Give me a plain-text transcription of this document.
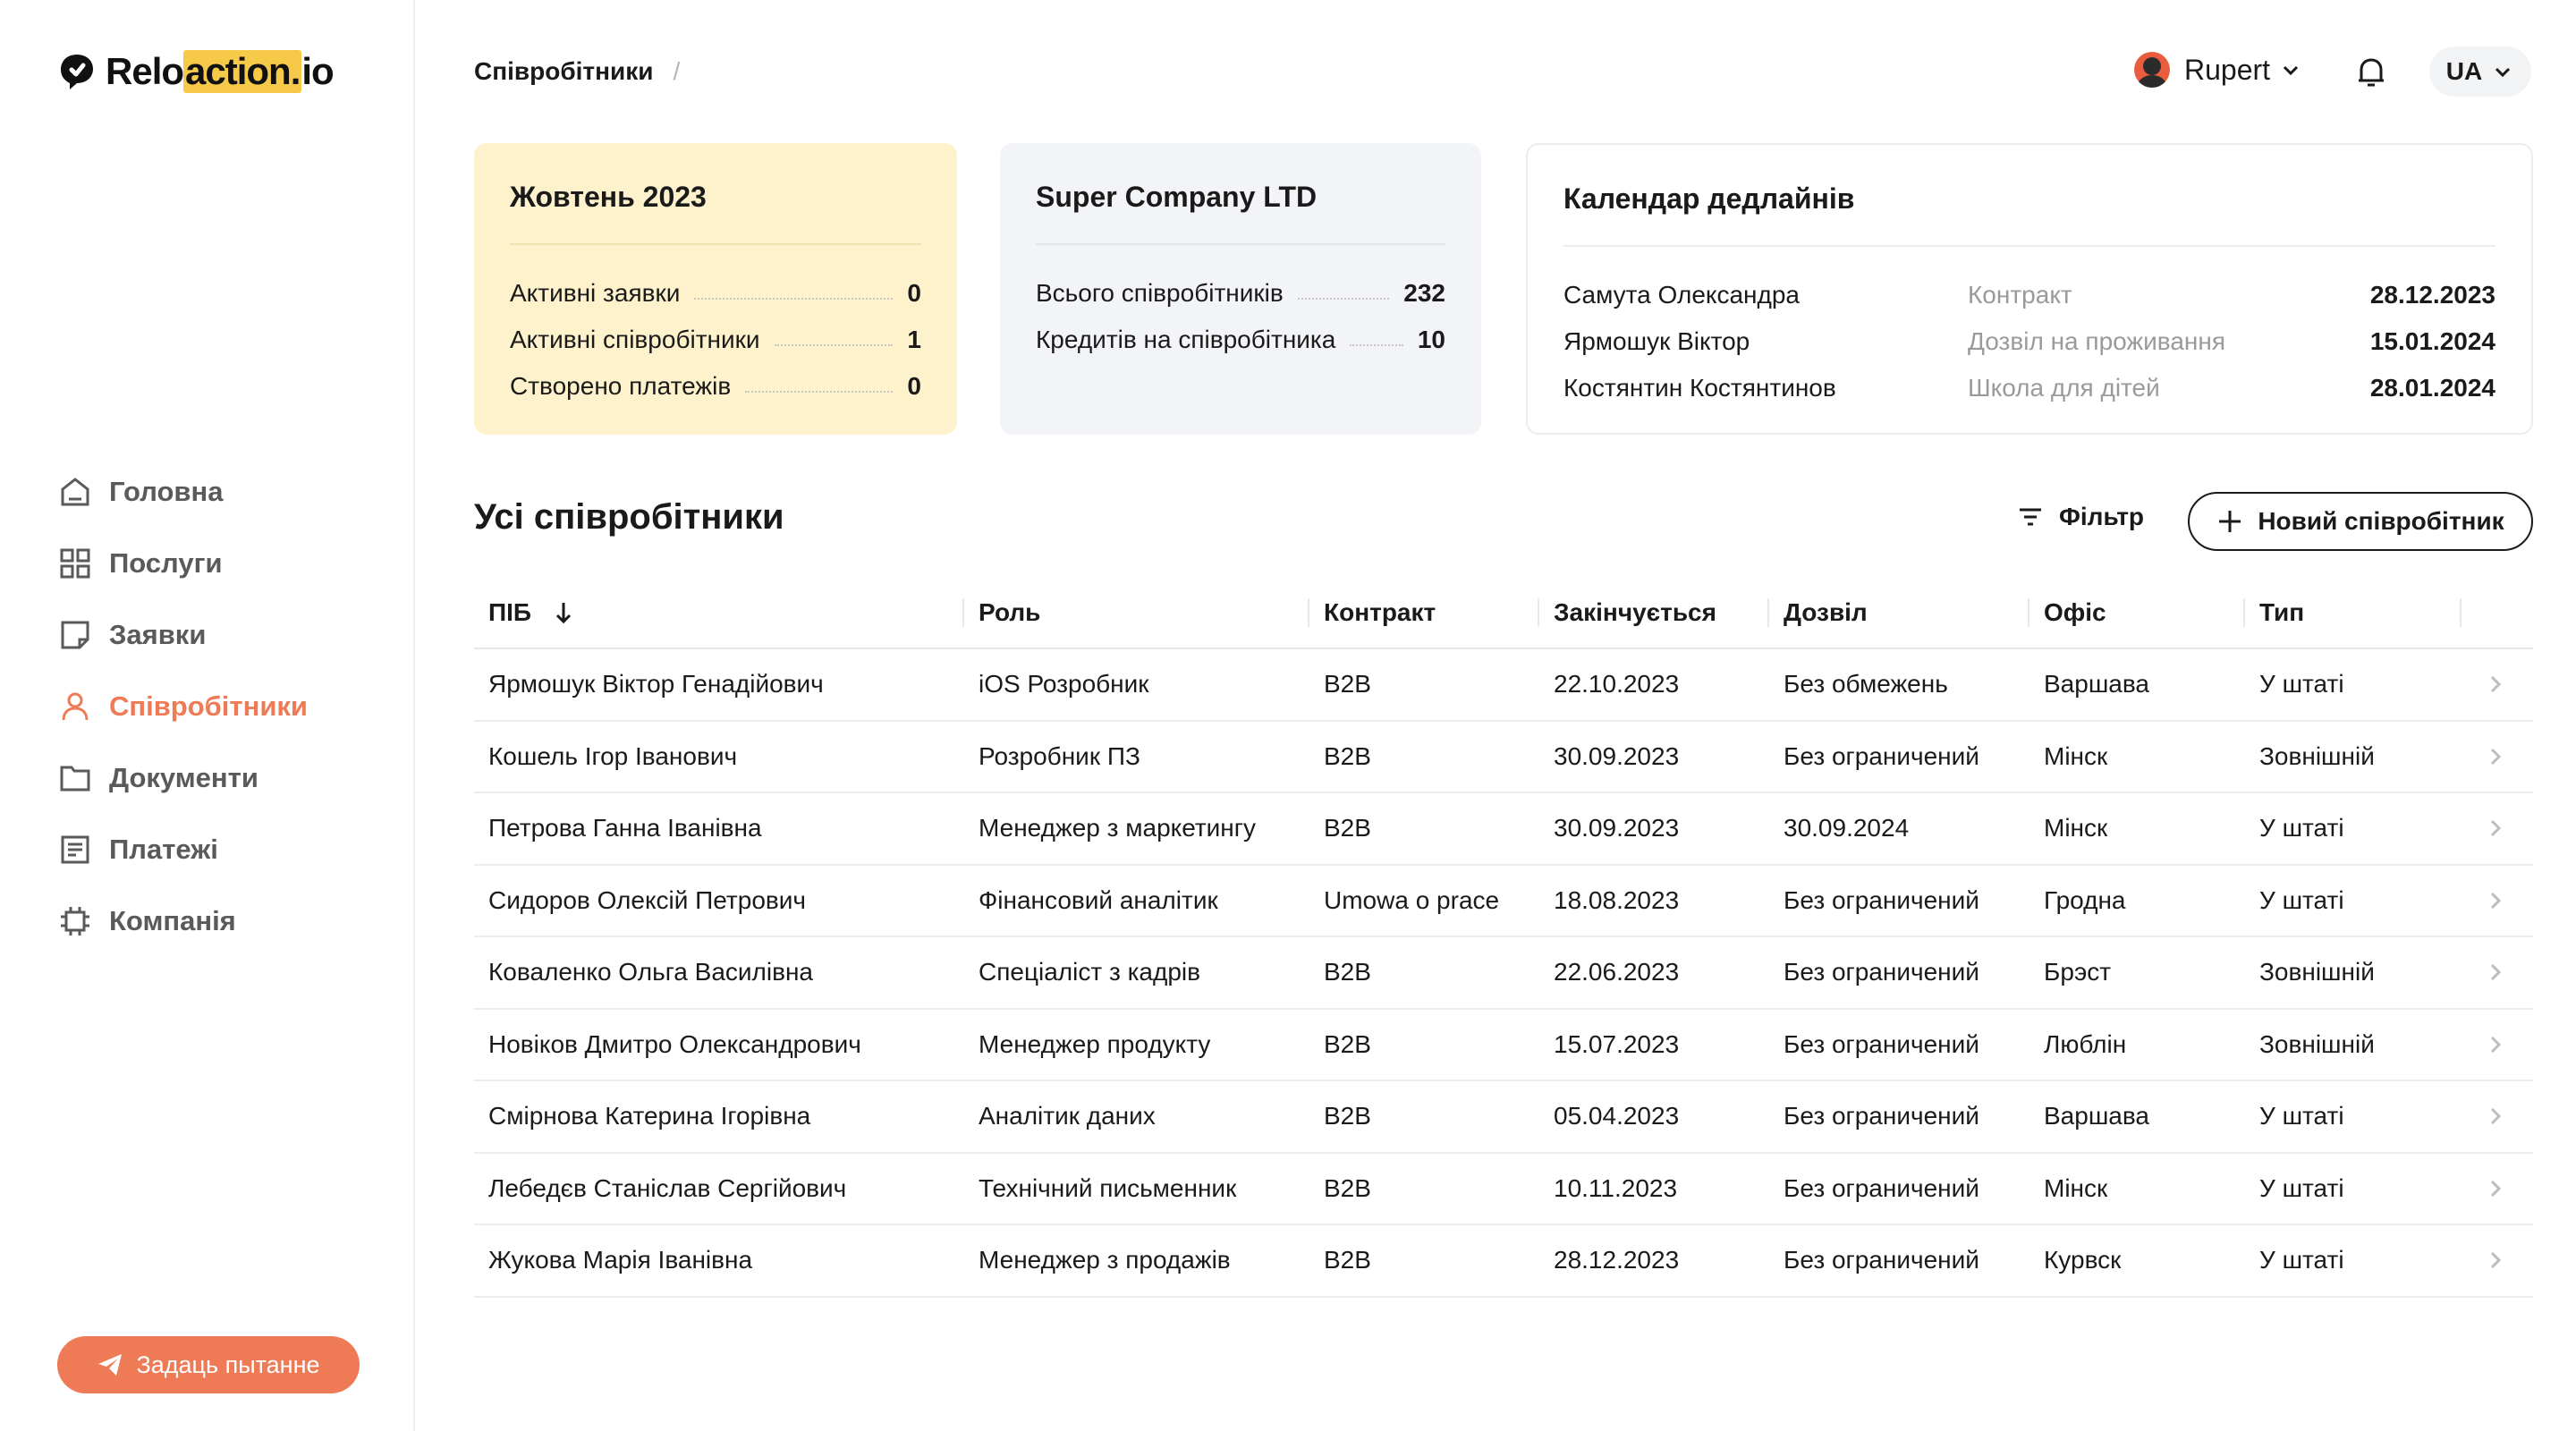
Relo action. io
Головна
Послуги
Заявки
Співробітники
Документи
Платежі
Компанія
Задаць пытанне
Співробітники /	Rupert	UA
Жовтень 2023
Активні заявки	0
Активні співробітники	1
Створено платежів	0
Super Company LTD
Всього співробітників	232
Кредитів на співробітника	10
Календар дедлайнів
Самута Олександра	Контракт	28.12.2023
Ярмошук Віктор	Дозвіл на проживання	15.01.2024
Костянтин Костянтинов	Школа для дітей	28.01.2024
Усі співробітники	Фільтр	Новий співробітник
ПІБ	Роль	Контракт	Закінчується	Дозвіл	Офіс	Тип
Ярмошук Віктор Генадійович	iOS Розробник	B2B	22.10.2023	Без обмежень	Варшава	У штаті
Кошель Ігор Іванович	Розробник ПЗ	B2B	30.09.2023	Без ограничений	Мінск	Зовнішній
Петрова Ганна Іванівна	Менеджер з маркетингу	B2B	30.09.2023	30.09.2024	Мінск	У штаті
Сидоров Олексій Петрович	Фінансовий аналітик	Umowa o prace	18.08.2023	Без ограничений	Гродна	У штаті
Коваленко Ольга Василівна	Спеціаліст з кадрів	B2B	22.06.2023	Без ограничений	Брэст	Зовнішній
Новіков Дмитро Олександрович	Менеджер продукту	B2B	15.07.2023	Без ограничений	Люблін	Зовнішній
Смірнова Катерина Ігорівна	Аналітик даних	B2B	05.04.2023	Без ограничений	Варшава	У штаті
Лебедєв Станіслав Сергійович	Технічний письменник	B2B	10.11.2023	Без ограничений	Мінск	У штаті
Жукова Марія Іванівна	Менеджер з продажів	B2B	28.12.2023	Без ограничений	Курвск	У штаті
